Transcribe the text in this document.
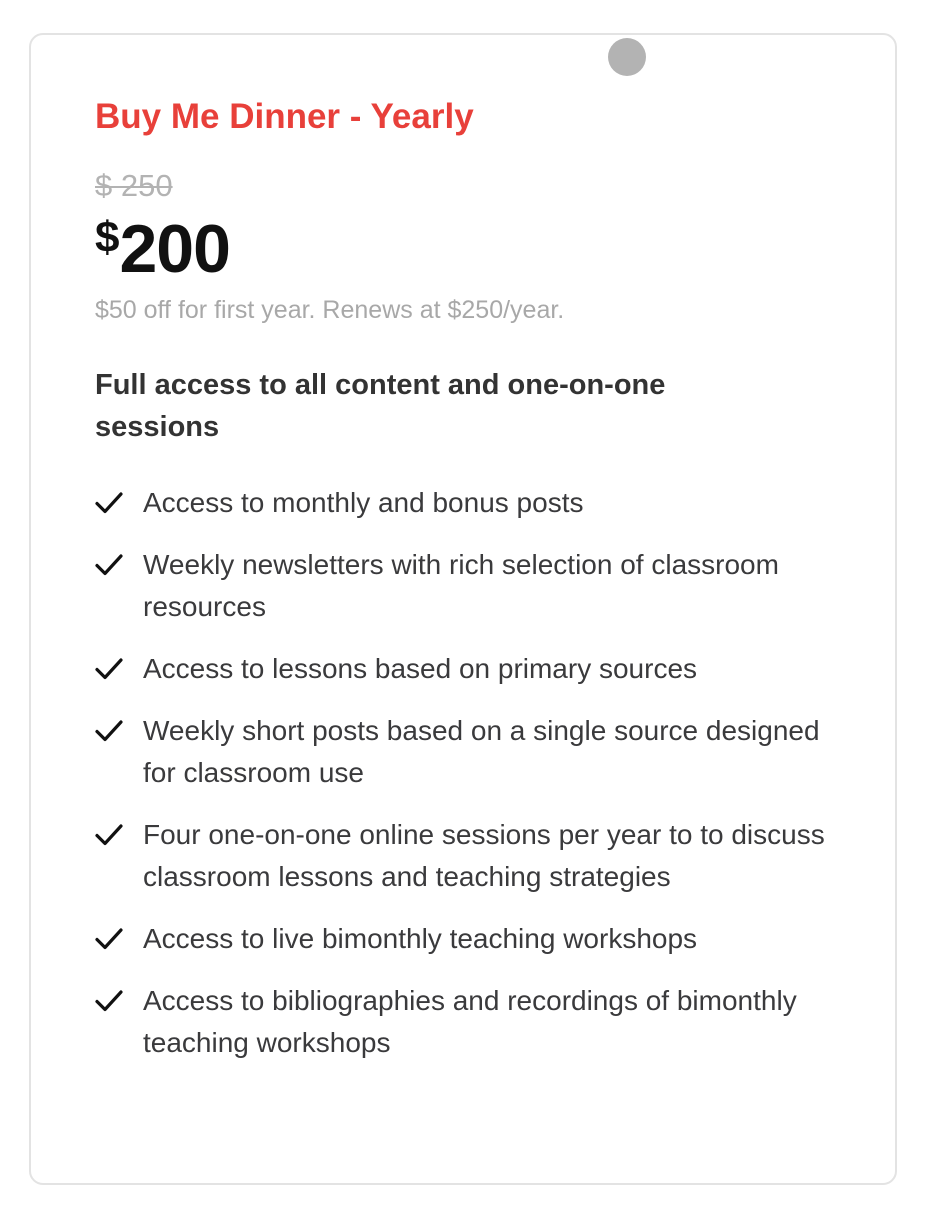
Buy Me Dinner - Yearly
$ 250
$200
$50 off for first year. Renews at $250/year.
Full access to all content and one-on-one sessions
Access to monthly and bonus posts
Weekly newsletters with rich selection of classroom resources
Access to lessons based on primary sources
Weekly short posts based on a single source designed for classroom use
Four one-on-one online sessions per year to to discuss classroom lessons and teaching strategies
Access to live bimonthly teaching workshops
Access to bibliographies and recordings of bimonthly teaching workshops
